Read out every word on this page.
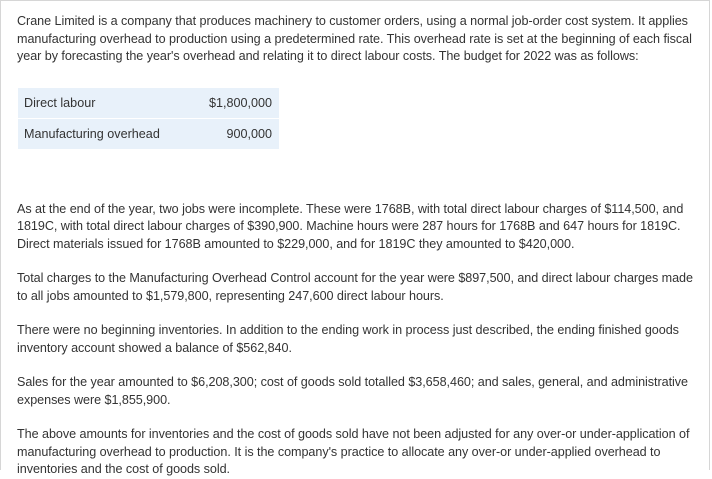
Crane Limited is a company that produces machinery to customer orders, using a normal job-order cost system. It applies manufacturing overhead to production using a predetermined rate. This overhead rate is set at the beginning of each fiscal year by forecasting the year's overhead and relating it to direct labour costs. The budget for 2022 was as follows:

Direct labour	$1,800,000
Manufacturing overhead	900,000

As at the end of the year, two jobs were incomplete. These were 1768B, with total direct labour charges of $114,500, and 1819C, with total direct labour charges of $390,900. Machine hours were 287 hours for 1768B and 647 hours for 1819C. Direct materials issued for 1768B amounted to $229,000, and for 1819C they amounted to $420,000.

Total charges to the Manufacturing Overhead Control account for the year were $897,500, and direct labour charges made to all jobs amounted to $1,579,800, representing 247,600 direct labour hours.

There were no beginning inventories. In addition to the ending work in process just described, the ending finished goods inventory account showed a balance of $562,840.

Sales for the year amounted to $6,208,300; cost of goods sold totalled $3,658,460; and sales, general, and administrative expenses were $1,855,900.

The above amounts for inventories and the cost of goods sold have not been adjusted for any over-or under-application of manufacturing overhead to production. It is the company's practice to allocate any over-or under-applied overhead to inventories and the cost of goods sold.
